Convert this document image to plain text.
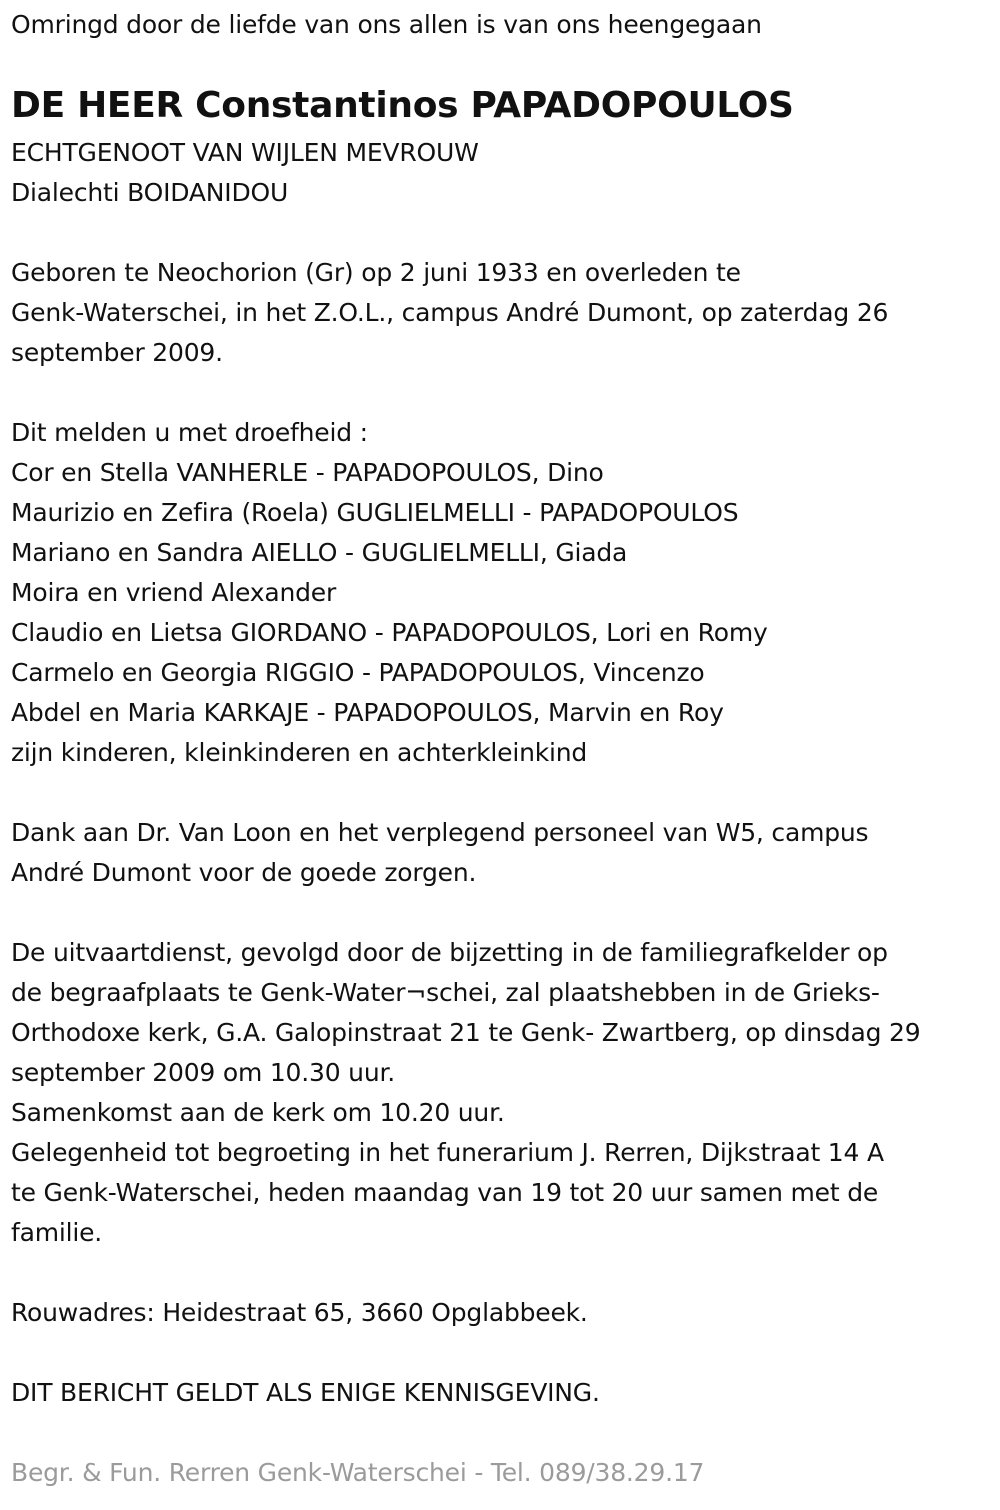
Omringd door de liefde van ons allen is van ons heengegaan
DE HEER Constantinos PAPADOPOULOS
ECHTGENOOT VAN WIJLEN MEVROUW
Dialechti BOIDANIDOU
Geboren te Neochorion (Gr) op 2 juni 1933 en overleden te
Genk-Waterschei, in het Z.O.L., campus André Dumont, op zaterdag 26
september 2009.
Dit melden u met droefheid :
Cor en Stella VANHERLE - PAPADOPOULOS, Dino
Maurizio en Zefira (Roela) GUGLIELMELLI - PAPADOPOULOS
Mariano en Sandra AIELLO - GUGLIELMELLI, Giada
Moira en vriend Alexander
Claudio en Lietsa GIORDANO - PAPADOPOULOS, Lori en Romy
Carmelo en Georgia RIGGIO - PAPADOPOULOS, Vincenzo
Abdel en Maria KARKAJE - PAPADOPOULOS, Marvin en Roy
zijn kinderen, kleinkinderen en achterkleinkind
Dank aan Dr. Van Loon en het verplegend personeel van W5, campus
André Dumont voor de goede zorgen.
De uitvaartdienst, gevolgd door de bijzetting in de familiegrafkelder op
de begraafplaats te Genk-Water¬schei, zal plaatshebben in de Grieks-
Orthodoxe kerk, G.A. Galopinstraat 21 te Genk- Zwartberg, op dinsdag 29
september 2009 om 10.30 uur.
Samenkomst aan de kerk om 10.20 uur.
Gelegenheid tot begroeting in het funerarium J. Rerren, Dijkstraat 14 A
te Genk-Waterschei, heden maandag van 19 tot 20 uur samen met de
familie.
Rouwadres: Heidestraat 65, 3660 Opglabbeek.
DIT BERICHT GELDT ALS ENIGE KENNISGEVING.
Begr. & Fun. Rerren Genk-Waterschei - Tel. 089/38.29.17
